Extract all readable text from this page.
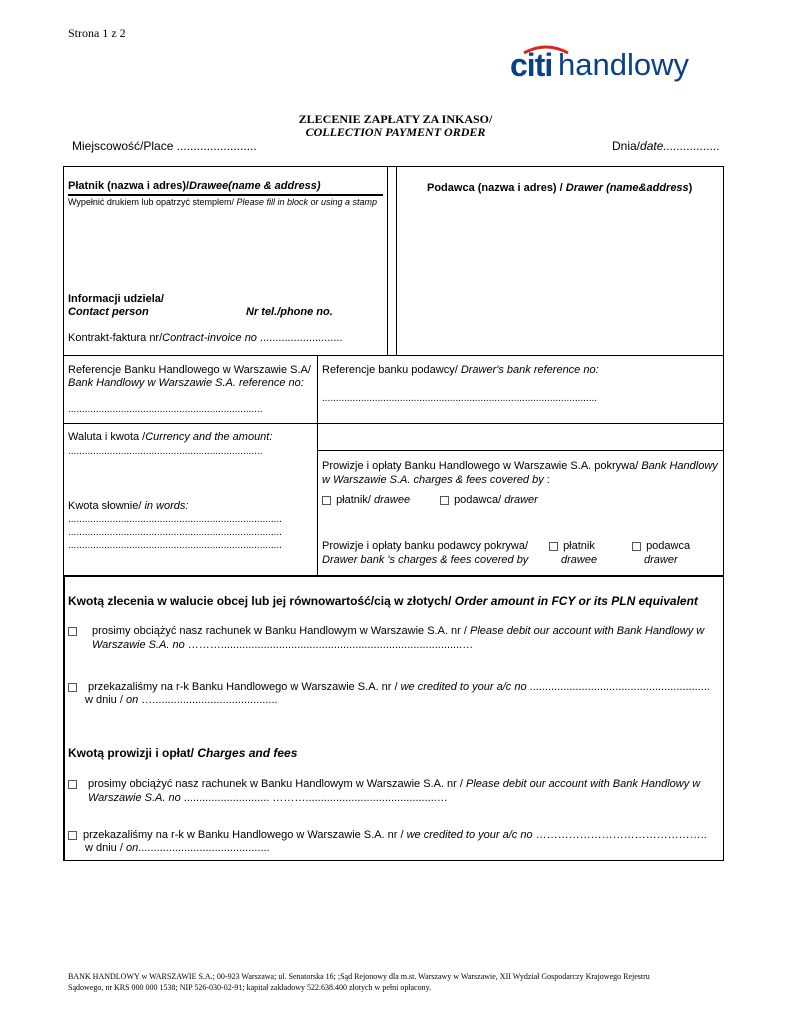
Strona 1 z 2
citi handlowy
ZLECENIE ZAPŁATY ZA INKASO/
COLLECTION PAYMENT ORDER
Miejscowość/Place ........................	Dnia/date.................
Płatnik (nazwa i adres)/Drawee(name & address)
Wypełnić drukiem lub opatrzyć stemplem/ Please fill in block or using a stamp
Informacji udziela/
Contact person	Nr tel./phone no.
Kontrakt-faktura nr/Contract-invoice no ...........................
Podawca (nazwa i adres) / Drawer (name&address)
Referencje Banku Handlowego w Warszawie S.A/
Bank Handlowy w Warszawie S.A. reference no:
......................................................................
Referencje banku podawcy/ Drawer's bank reference no:
...................................................................................................
Waluta i kwota /Currency and the amount:
......................................................................
Kwota słownie/ in words:
.............................................................................
.............................................................................
.............................................................................
Prowizje i opłaty Banku Handlowego w Warszawie S.A. pokrywa/ Bank Handlowy w Warszawie S.A. charges & fees covered by :
płatnik/ drawee	podawca/ drawer
Prowizje i opłaty banku podawcy pokrywa/
Drawer bank 's charges & fees covered by
płatnik
drawee
podawca
drawer
Kwotą zlecenia w walucie obcej lub jej równowartość/cią w złotych/ Order amount in FCY or its PLN equivalent
prosimy obciążyć nasz rachunek w Banku Handlowym w Warszawie S.A. nr / Please debit our account with Bank Handlowy w Warszawie S.A. no ………...............................................................................…
przekazaliśmy na r-k Banku Handlowego w Warszawie S.A. nr / we credited to your a/c no ...........................................................
w dniu / on ….........................................
Kwotą prowizji i opłat/ Charges and fees
prosimy obciążyć nasz rachunek w Banku Handlowym w Warszawie S.A. nr / Please debit our account with Bank Handlowy w Warszawie S.A. no ............................ ………...........................................…
przekazaliśmy na r-k w Banku Handlowego w Warszawie S.A. nr / we credited to your a/c no ………………………………………..
w dniu / on...........................................
BANK HANDLOWY w WARSZAWIE S.A.; 00-923 Warszawa; ul. Senatorska 16; ;Sąd Rejonowy dla m.st. Warszawy w Warszawie, XII Wydział Gospodarczy Krajowego Rejestru
Sądowego, nr KRS 000 000 1538; NIP 526-030-02-91; kapitał zakładowy 522.638.400 złotych w pełni opłacony.
